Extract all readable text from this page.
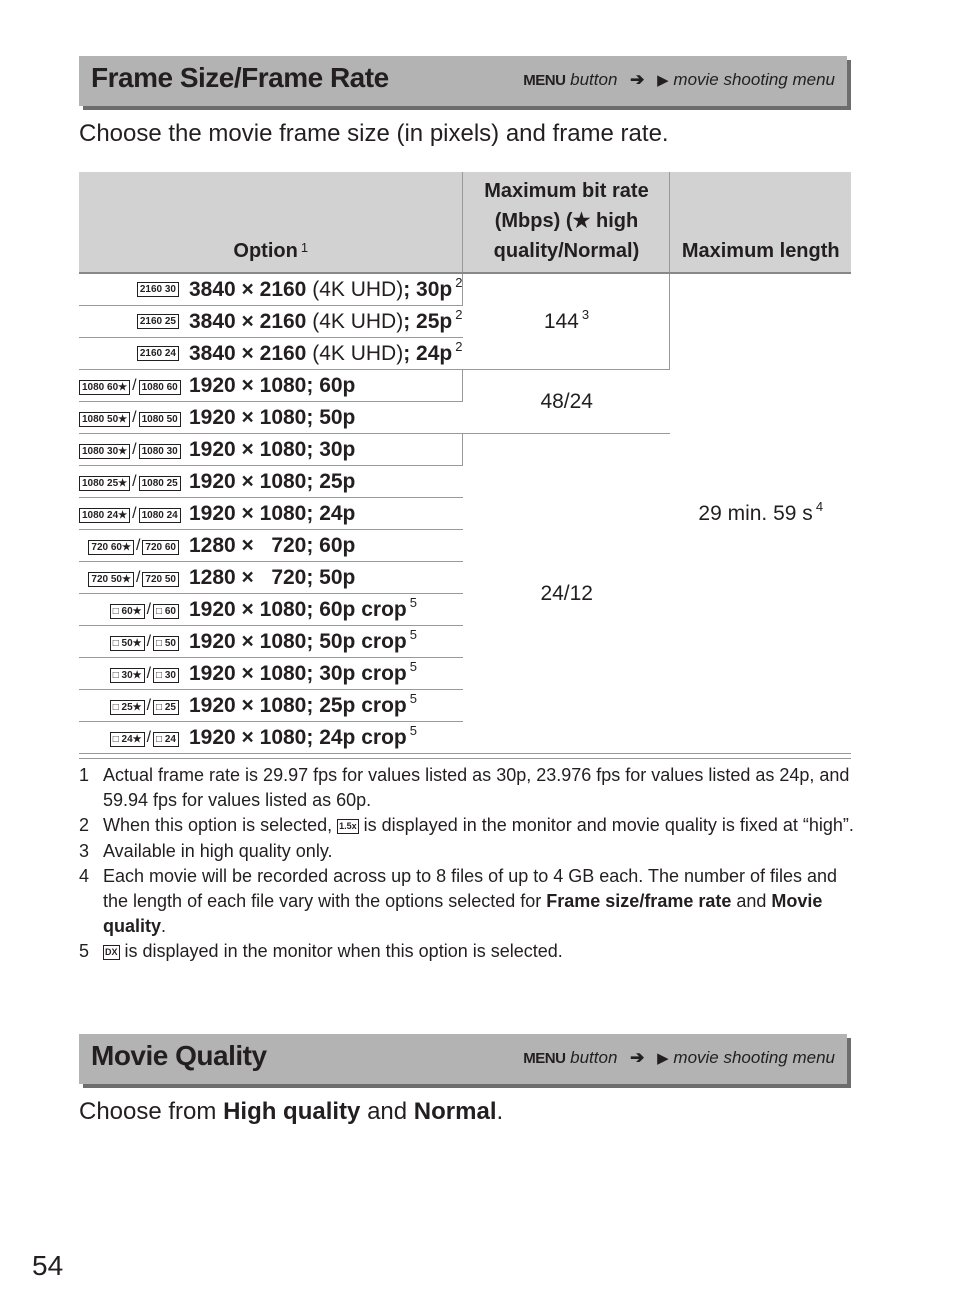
Frame Size/Frame Rate	MENU button ➔ ▶ movie shooting menu
Choose the movie frame size (in pixels) and frame rate.
Option $^1$	Maximum bit rate (Mbps) (★ high quality/Normal)	Maximum length
2160 30 3840 × 2160 (4K UHD); 30p $^2$	144 $^3$	29 min. 59 s $^4$
2160 25 3840 × 2160 (4K UHD); 25p $^2$
2160 24 3840 × 2160 (4K UHD); 24p $^2$
1080 60★ / 1080 60 1920 × 1080; 60p	48/24	
1080 50★ / 1080 50 1920 × 1080; 50p		
1080 30★ / 1080 30 1920 × 1080; 30p	24/12	
1080 25★ / 1080 25 1920 × 1080; 25p		
1080 24★ / 1080 24 1920 × 1080; 24p		
720 60★ / 720 60 1280 ×   720; 60p		
720 50★ / 720 50 1280 ×   720; 50p		
□ 60★ / □ 60 1920 × 1080; 60p crop $^5$
□ 50★ / □ 50 1920 × 1080; 50p crop $^5$
□ 30★ / □ 30 1920 × 1080; 30p crop $^5$
□ 25★ / □ 25 1920 × 1080; 25p crop $^5$
□ 24★ / □ 24 1920 × 1080; 24p crop $^5$
1 Actual frame rate is 29.97 fps for values listed as 30p, 23.976 fps for values listed as 24p, and 59.94 fps for values listed as 60p.
2 When this option is selected, 1.5x is displayed in the monitor and movie quality is fixed at “high”.
3 Available in high quality only.
4 Each movie will be recorded across up to 8 files of up to 4 GB each. The number of files and the length of each file vary with the options selected for Frame size/frame rate and Movie quality.
5	DX is displayed in the monitor when this option is selected.
Movie Quality	MENU button ➔ ▶ movie shooting menu
Choose from High quality and Normal.
54
